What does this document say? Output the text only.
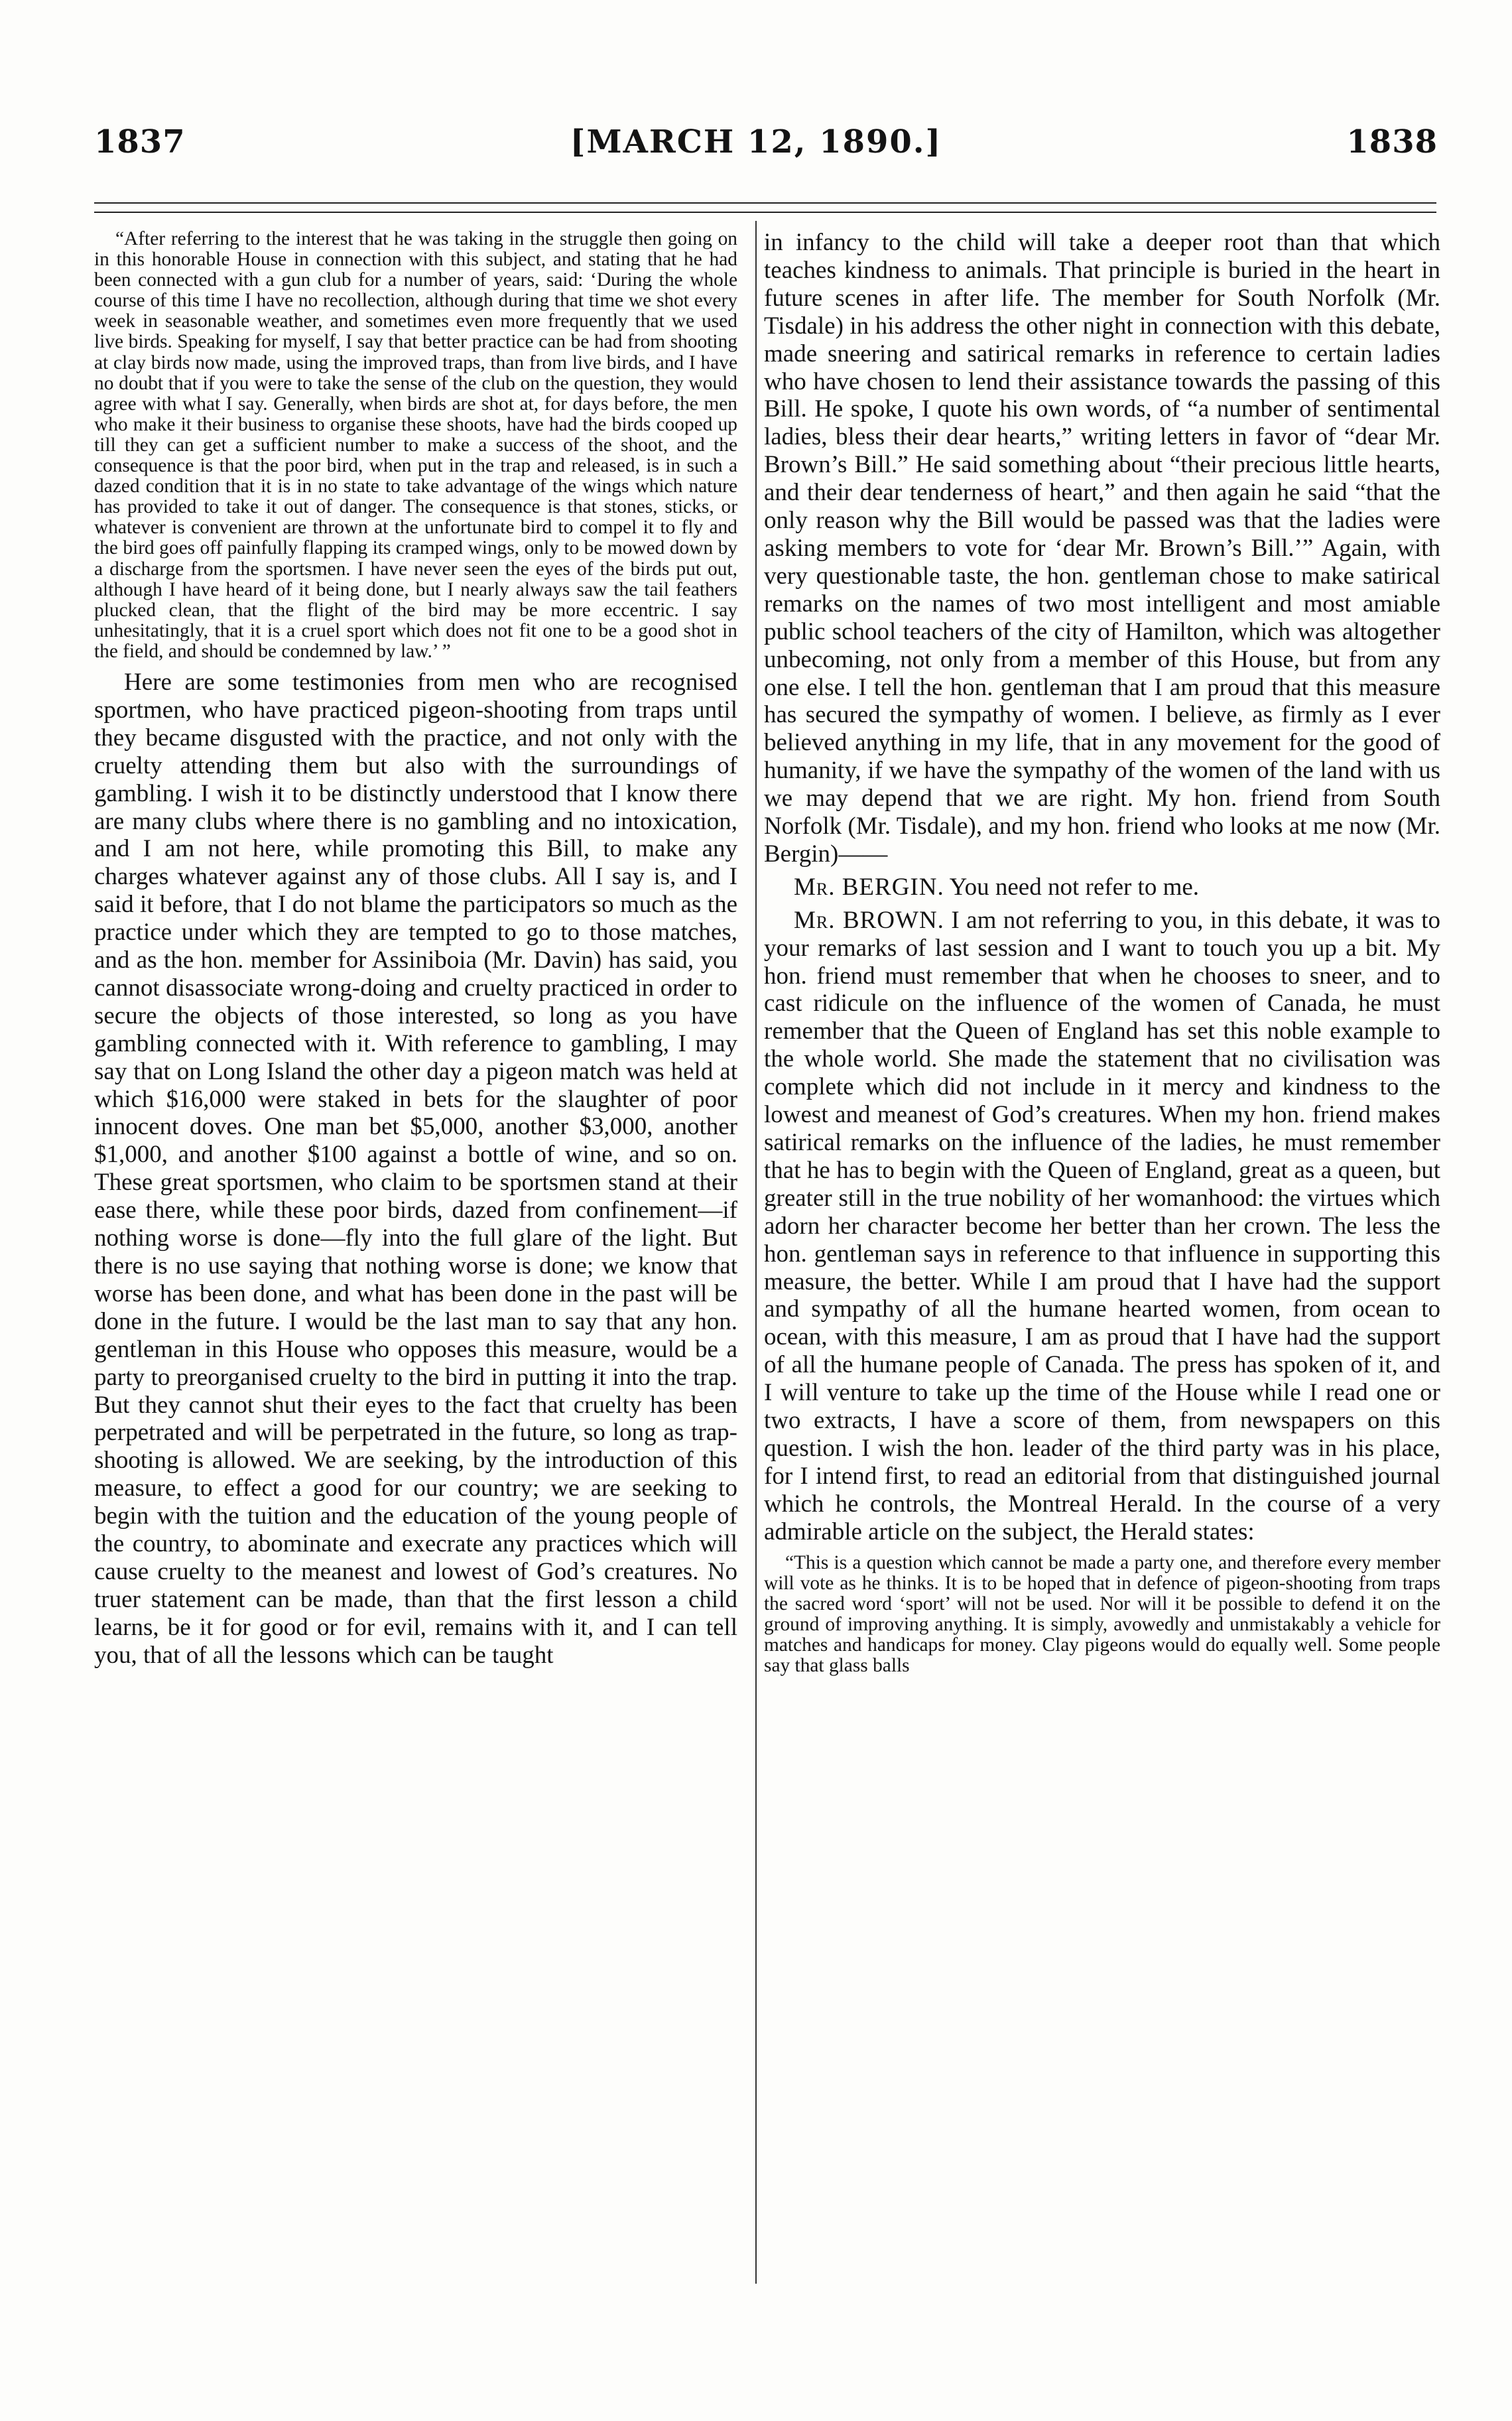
1837	[MARCH 12, 1890.]	1838

“After referring to the interest that he was taking in the struggle then going on in this honorable House in connection with this subject, and stating that he had been connected with a gun club for a number of years, said: ‘During the whole course of this time I have no recollection, although during that time we shot every week in seasonable weather, and sometimes even more frequently that we used live birds. Speaking for myself, I say that better practice can be had from shooting at clay birds now made, using the improved traps, than from live birds, and I have no doubt that if you were to take the sense of the club on the question, they would agree with what I say. Generally, when birds are shot at, for days before, the men who make it their business to organise these shoots, have had the birds cooped up till they can get a sufficient number to make a success of the shoot, and the consequence is that the poor bird, when put in the trap and released, is in such a dazed condition that it is in no state to take advantage of the wings which nature has provided to take it out of danger. The consequence is that stones, sticks, or whatever is convenient are thrown at the unfortunate bird to compel it to fly and the bird goes off painfully flapping its cramped wings, only to be mowed down by a discharge from the sportsmen. I have never seen the eyes of the birds put out, although I have heard of it being done, but I nearly always saw the tail feathers plucked clean, that the flight of the bird may be more eccentric. I say unhesitatingly, that it is a cruel sport which does not fit one to be a good shot in the field, and should be condemned by law.’ ”

Here are some testimonies from men who are recognised sportmen, who have practiced pigeon-shooting from traps until they became disgusted with the practice, and not only with the cruelty attending them but also with the surroundings of gambling. I wish it to be distinctly understood that I know there are many clubs where there is no gambling and no intoxication, and I am not here, while promoting this Bill, to make any charges whatever against any of those clubs. All I say is, and I said it before, that I do not blame the participators so much as the practice under which they are tempted to go to those matches, and as the hon. member for Assiniboia (Mr. Davin) has said, you cannot disassociate wrong-doing and cruelty practiced in order to secure the objects of those interested, so long as you have gambling connected with it. With reference to gambling, I may say that on Long Island the other day a pigeon match was held at which $16,000 were staked in bets for the slaughter of poor innocent doves. One man bet $5,000, another $3,000, another $1,000, and another $100 against a bottle of wine, and so on. These great sportsmen, who claim to be sportsmen stand at their ease there, while these poor birds, dazed from confinement—if nothing worse is done—fly into the full glare of the light. But there is no use saying that nothing worse is done; we know that worse has been done, and what has been done in the past will be done in the future. I would be the last man to say that any hon. gentleman in this House who opposes this measure, would be a party to preorganised cruelty to the bird in putting it into the trap. But they cannot shut their eyes to the fact that cruelty has been perpetrated and will be perpetrated in the future, so long as trap-shooting is allowed. We are seeking, by the introduction of this measure, to effect a good for our country; we are seeking to begin with the tuition and the education of the young people of the country, to abominate and execrate any practices which will cause cruelty to the meanest and lowest of God’s creatures. No truer statement can be made, than that the first lesson a child learns, be it for good or for evil, remains with it, and I can tell you, that of all the lessons which can be taught

in infancy to the child will take a deeper root than that which teaches kindness to animals. That principle is buried in the heart in future scenes in after life. The member for South Norfolk (Mr. Tisdale) in his address the other night in connection with this debate, made sneering and satirical remarks in reference to certain ladies who have chosen to lend their assistance towards the passing of this Bill. He spoke, I quote his own words, of “a number of sentimental ladies, bless their dear hearts,” writing letters in favor of “dear Mr. Brown’s Bill.” He said something about “their precious little hearts, and their dear tenderness of heart,” and then again he said “that the only reason why the Bill would be passed was that the ladies were asking members to vote for ‘dear Mr. Brown’s Bill.’” Again, with very questionable taste, the hon. gentleman chose to make satirical remarks on the names of two most intelligent and most amiable public school teachers of the city of Hamilton, which was altogether unbecoming, not only from a member of this House, but from any one else. I tell the hon. gentleman that I am proud that this measure has secured the sympathy of women. I believe, as firmly as I ever believed anything in my life, that in any movement for the good of humanity, if we have the sympathy of the women of the land with us we may depend that we are right. My hon. friend from South Norfolk (Mr. Tisdale), and my hon. friend who looks at me now (Mr. Bergin)——

Mr. BERGIN. You need not refer to me.

Mr. BROWN. I am not referring to you, in this debate, it was to your remarks of last session and I want to touch you up a bit. My hon. friend must remember that when he chooses to sneer, and to cast ridicule on the influence of the women of Canada, he must remember that the Queen of England has set this noble example to the whole world. She made the statement that no civilisation was complete which did not include in it mercy and kindness to the lowest and meanest of God’s creatures. When my hon. friend makes satirical remarks on the influence of the ladies, he must remember that he has to begin with the Queen of England, great as a queen, but greater still in the true nobility of her womanhood: the virtues which adorn her character become her better than her crown. The less the hon. gentleman says in reference to that influence in supporting this measure, the better. While I am proud that I have had the support and sympathy of all the humane hearted women, from ocean to ocean, with this measure, I am as proud that I have had the support of all the humane people of Canada. The press has spoken of it, and I will venture to take up the time of the House while I read one or two extracts, I have a score of them, from newspapers on this question. I wish the hon. leader of the third party was in his place, for I intend first, to read an editorial from that distinguished journal which he controls, the Montreal Herald. In the course of a very admirable article on the subject, the Herald states:

“This is a question which cannot be made a party one, and therefore every member will vote as he thinks. It is to be hoped that in defence of pigeon-shooting from traps the sacred word ‘sport’ will not be used. Nor will it be possible to defend it on the ground of improving anything. It is simply, avowedly and unmistakably a vehicle for matches and handicaps for money. Clay pigeons would do equally well. Some people say that glass balls
